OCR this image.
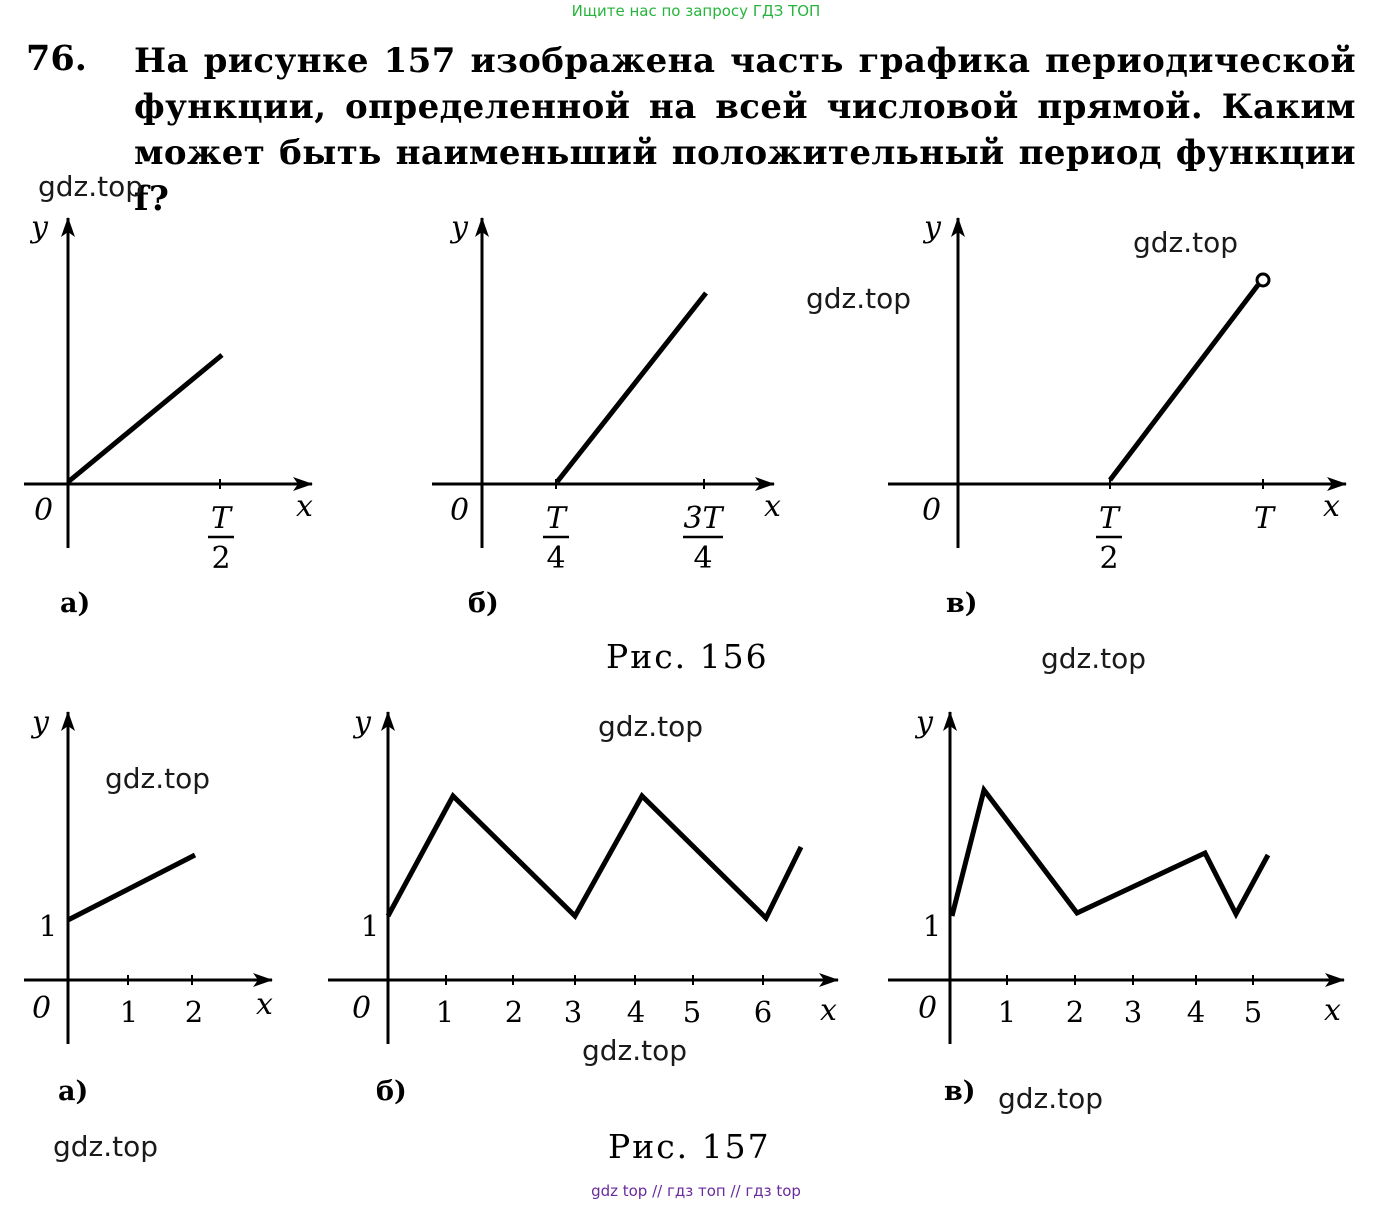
Ищите нас по запросу ГДЗ ТОП
76. На рисунке 157 изображена часть графика периодической функции, определенной на всей числовой прямой. Каким может быть наименьший положительный период функции f?

y
x
0
y
x
0
y
x
0
y
x
0
y
x
0
y
x
0
T
2
T
4
3T
4
T
2
T
1 2
1
1 2 3 4 5 6
1
1 2 3 4 5
1
а)	б)	в)
а)	б)	в)
Рис. 156
Рис. 157
gdz.top
gdz.top
gdz.top
gdz.top
gdz.top
gdz.top
gdz.top
gdz.top
gdz.top
gdz top // гдз топ // гдз top
